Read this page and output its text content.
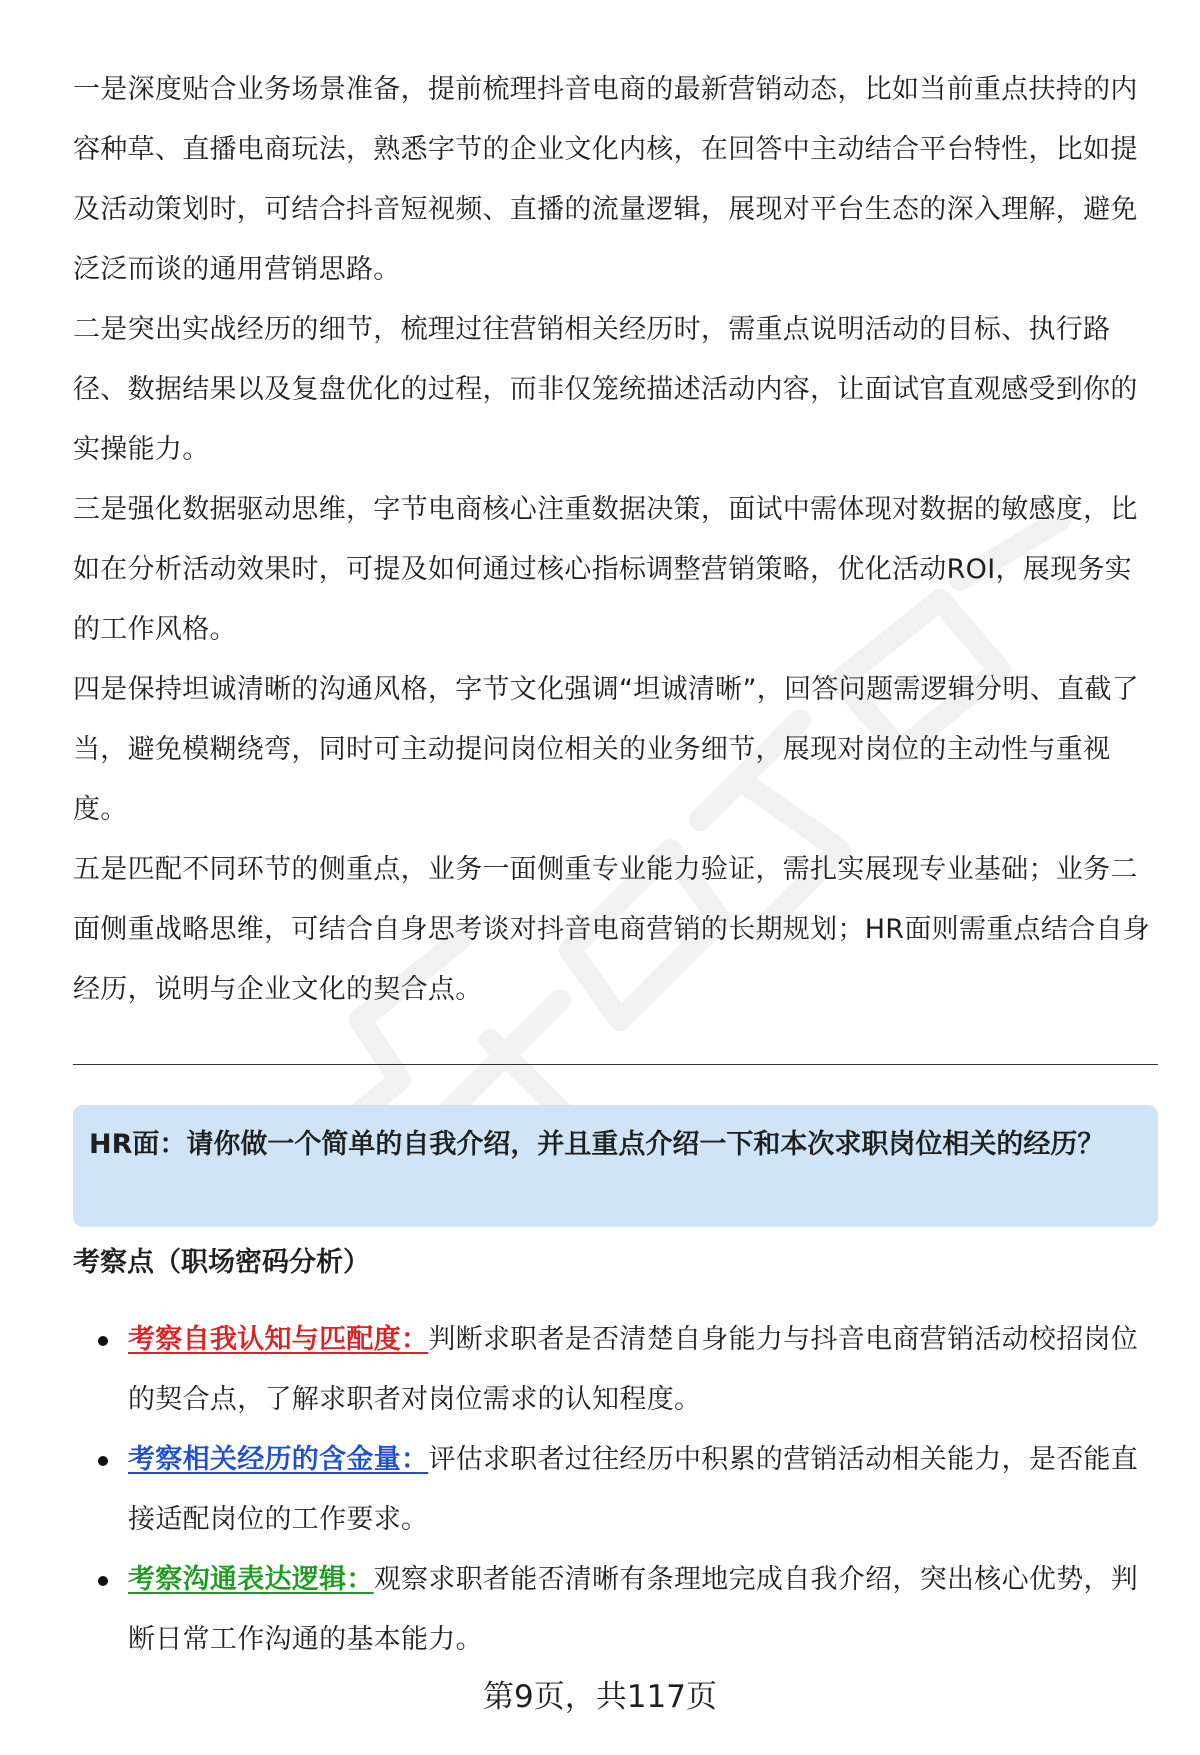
一是深度贴合业务场景准备，提前梳理抖音电商的最新营销动态，比如当前重点扶持的内容种草、直播电商玩法，熟悉字节的企业文化内核，在回答中主动结合平台特性，比如提及活动策划时，可结合抖音短视频、直播的流量逻辑，展现对平台生态的深入理解，避免泛泛而谈的通用营销思路。

二是突出实战经历的细节，梳理过往营销相关经历时，需重点说明活动的目标、执行路径、数据结果以及复盘优化的过程，而非仅笼统描述活动内容，让面试官直观感受到你的实操能力。

三是强化数据驱动思维，字节电商核心注重数据决策，面试中需体现对数据的敏感度，比如在分析活动效果时，可提及如何通过核心指标调整营销策略，优化活动ROI，展现务实的工作风格。

四是保持坦诚清晰的沟通风格，字节文化强调“坦诚清晰”，回答问题需逻辑分明、直截了当，避免模糊绕弯，同时可主动提问岗位相关的业务细节，展现对岗位的主动性与重视度。

五是匹配不同环节的侧重点，业务一面侧重专业能力验证，需扎实展现专业基础；业务二面侧重战略思维，可结合自身思考谈对抖音电商营销的长期规划；HR面则需重点结合自身经历，说明与企业文化的契合点。

HR面：请你做一个简单的自我介绍，并且重点介绍一下和本次求职岗位相关的经历？

考察点（职场密码分析）

考察自我认知与匹配度：判断求职者是否清楚自身能力与抖音电商营销活动校招岗位的契合点，了解求职者对岗位需求的认知程度。
考察相关经历的含金量：评估求职者过往经历中积累的营销活动相关能力，是否能直接适配岗位的工作要求。
考察沟通表达逻辑：观察求职者能否清晰有条理地完成自我介绍，突出核心优势，判断日常工作沟通的基本能力。
第9页，共117页
